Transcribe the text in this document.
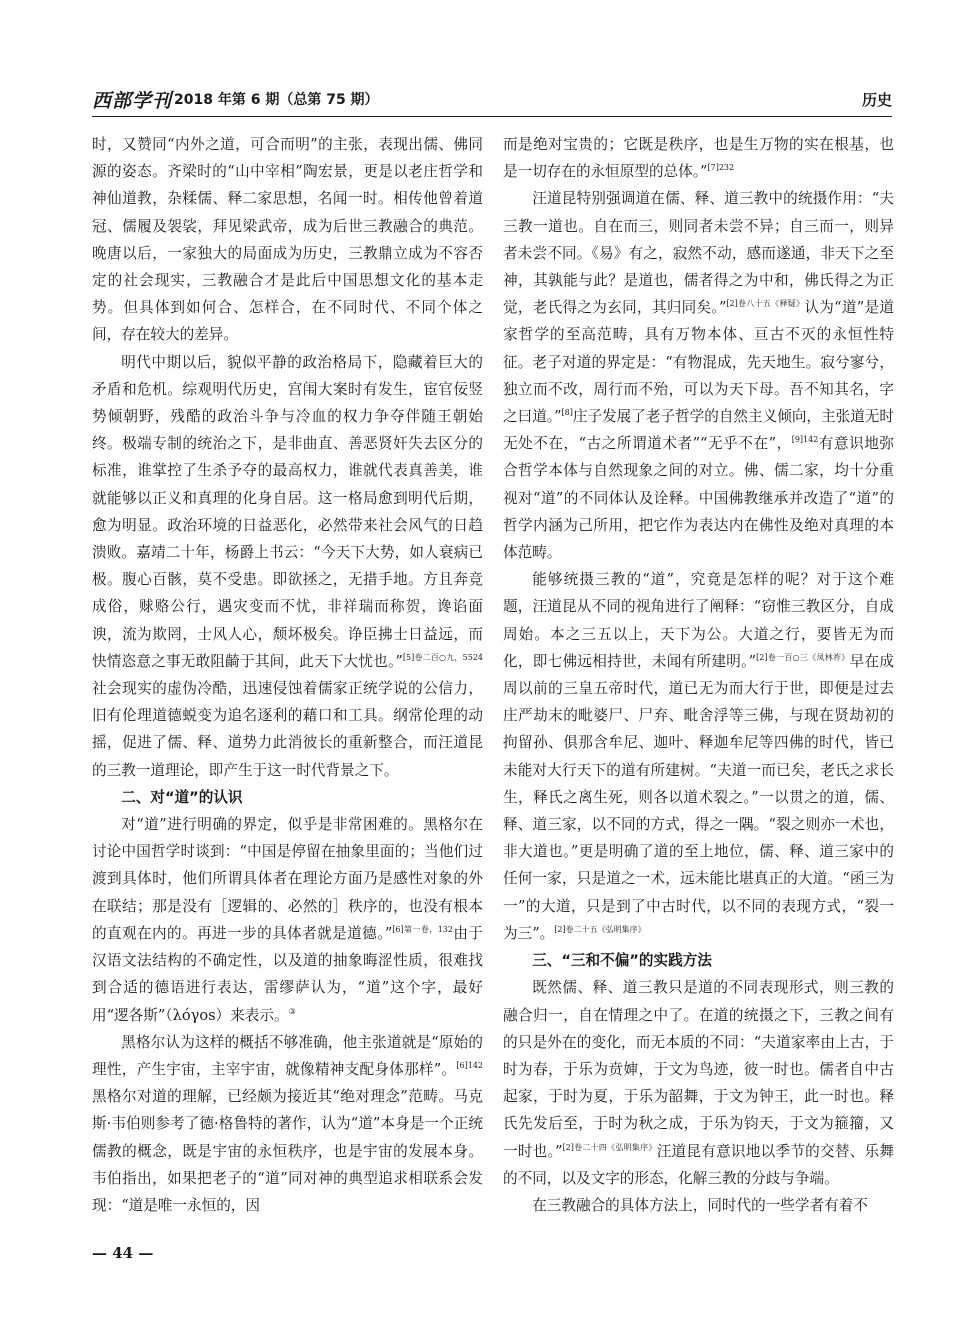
西部学刊 2018 年第 6 期（总第 75 期）	历史

时，又赞同“内外之道，可合而明”的主张，表现出儒、佛同源的姿态。齐梁时的“山中宰相”陶宏景，更是以老庄哲学和神仙道教，杂糅儒、释二家思想，名闻一时。相传他曾着道冠、儒履及袈裟，拜见梁武帝，成为后世三教融合的典范。晚唐以后，一家独大的局面成为历史，三教鼎立成为不容否定的社会现实，三教融合才是此后中国思想文化的基本走势。但具体到如何合、怎样合，在不同时代、不同个体之间，存在较大的差异。

明代中期以后，貌似平静的政治格局下，隐藏着巨大的矛盾和危机。综观明代历史，宫闱大案时有发生，宦官佞竖势倾朝野，残酷的政治斗争与冷血的权力争夺伴随王朝始终。极端专制的统治之下，是非曲直、善恶贤奸失去区分的标准，谁掌控了生杀予夺的最高权力，谁就代表真善美，谁就能够以正义和真理的化身自居。这一格局愈到明代后期，愈为明显。政治环境的日益恶化，必然带来社会风气的日趋溃败。嘉靖二十年，杨爵上书云：“今天下大势，如人衰病已极。腹心百骸，莫不受患。即欲拯之，无措手地。方且奔竞成俗，赇赂公行，遇灾变而不忧，非祥瑞而称贺，谗谄面谀，流为欺罔，士风人心，颓坏极矣。诤臣拂士日益远，而快情恣意之事无敢阻齮于其间，此天下大忧也。”$^{[5]卷二百○九,5524}$社会现实的虚伪冷酷，迅速侵蚀着儒家正统学说的公信力，旧有伦理道德蜕变为追名逐利的藉口和工具。纲常伦理的动摇，促进了儒、释、道势力此消彼长的重新整合，而汪道昆的三教一道理论，即产生于这一时代背景之下。

二、对“道”的认识

对“道”进行明确的界定，似乎是非常困难的。黑格尔在讨论中国哲学时谈到：“中国是停留在抽象里面的；当他们过渡到具体时，他们所谓具体者在理论方面乃是感性对象的外在联结；那是没有［逻辑的、必然的］秩序的，也没有根本的直观在内的。再进一步的具体者就是道德。”$^{[6]第一卷,132}$由于汉语文法结构的不确定性，以及道的抽象晦涩性质，很难找到合适的德语进行表达，雷缪萨认为，“道”这个字，最好用“逻各斯”（λόγos）来表示。③

黑格尔认为这样的概括不够准确，他主张道就是“原始的理性，产生宇宙，主宰宇宙，就像精神支配身体那样”。$^{[6]142}$黑格尔对道的理解，已经颇为接近其“绝对理念”范畴。马克斯·韦伯则参考了德·格鲁特的著作，认为“道”本身是一个正统儒教的概念，既是宇宙的永恒秩序，也是宇宙的发展本身。韦伯指出，如果把老子的“道”同对神的典型追求相联系会发现：“道是唯一永恒的，因

而是绝对宝贵的；它既是秩序，也是生万物的实在根基，也是一切存在的永恒原型的总体。”$^{[7]232}$

汪道昆特别强调道在儒、释、道三教中的统摄作用：“夫三教一道也。自在而三，则同者未尝不异；自三而一，则异者未尝不同。《易》有之，寂然不动，感而遂通，非天下之至神，其孰能与此？是道也，儒者得之为中和，佛氏得之为正觉，老氏得之为玄同，其归同矣。”$^{[2]卷八十五《释疑》}$认为“道”是道家哲学的至高范畴，具有万物本体、亘古不灭的永恒性特征。老子对道的界定是：“有物混成，先天地生。寂兮寥兮，独立而不改，周行而不殆，可以为天下母。吾不知其名，字之曰道。”[8]庄子发展了老子哲学的自然主义倾向，主张道无时无处不在，“古之所谓道术者”“无乎不在”，$^{[9]142}$有意识地弥合哲学本体与自然现象之间的对立。佛、儒二家，均十分重视对“道”的不同体认及诠释。中国佛教继承并改造了“道”的哲学内涵为己所用，把它作为表达内在佛性及绝对真理的本体范畴。

能够统摄三教的“道”，究竟是怎样的呢？对于这个难题，汪道昆从不同的视角进行了阐释：“窃惟三教区分，自成周始。本之三五以上，天下为公。大道之行，要皆无为而化，即七佛远相持世，未闻有所建明。”$^{[2]卷一百○三《凤林祚》}$早在成周以前的三皇五帝时代，道已无为而大行于世，即便是过去庄严劫末的毗婆尸、尸弃、毗舍浮等三佛，与现在贤劫初的拘留孙、俱那含牟尼、迦叶、释迦牟尼等四佛的时代，皆已未能对大行天下的道有所建树。“夫道一而已矣，老氏之求长生，释氏之离生死，则各以道术裂之。”一以贯之的道，儒、释、道三家，以不同的方式，得之一隅。“裂之则亦一术也，非大道也。”更是明确了道的至上地位，儒、释、道三家中的任何一家，只是道之一术，远未能比堪真正的大道。“函三为一”的大道，只是到了中古时代，以不同的表现方式，“裂一为三”。$^{[2]卷二十五《弘明集序》}$

三、“三和不偏”的实践方法

既然儒、释、道三教只是道的不同表现形式，则三教的融合归一，自在情理之中了。在道的统摄之下，三教之间有的只是外在的变化，而无本质的不同：“夫道家率由上古，于时为春，于乐为贲婶，于文为鸟迹，彼一时也。儒者自中古起家，于时为夏，于乐为韶舞，于文为钟王，此一时也。释氏先发后至，于时为秋之成，于乐为钧天，于文为箍籀，又一时也。”$^{[2]卷二十四《弘明集序》}$汪道昆有意识地以季节的交替、乐舞的不同，以及文字的形态，化解三教的分歧与争端。

在三教融合的具体方法上，同时代的一些学者有着不

— 44 —
